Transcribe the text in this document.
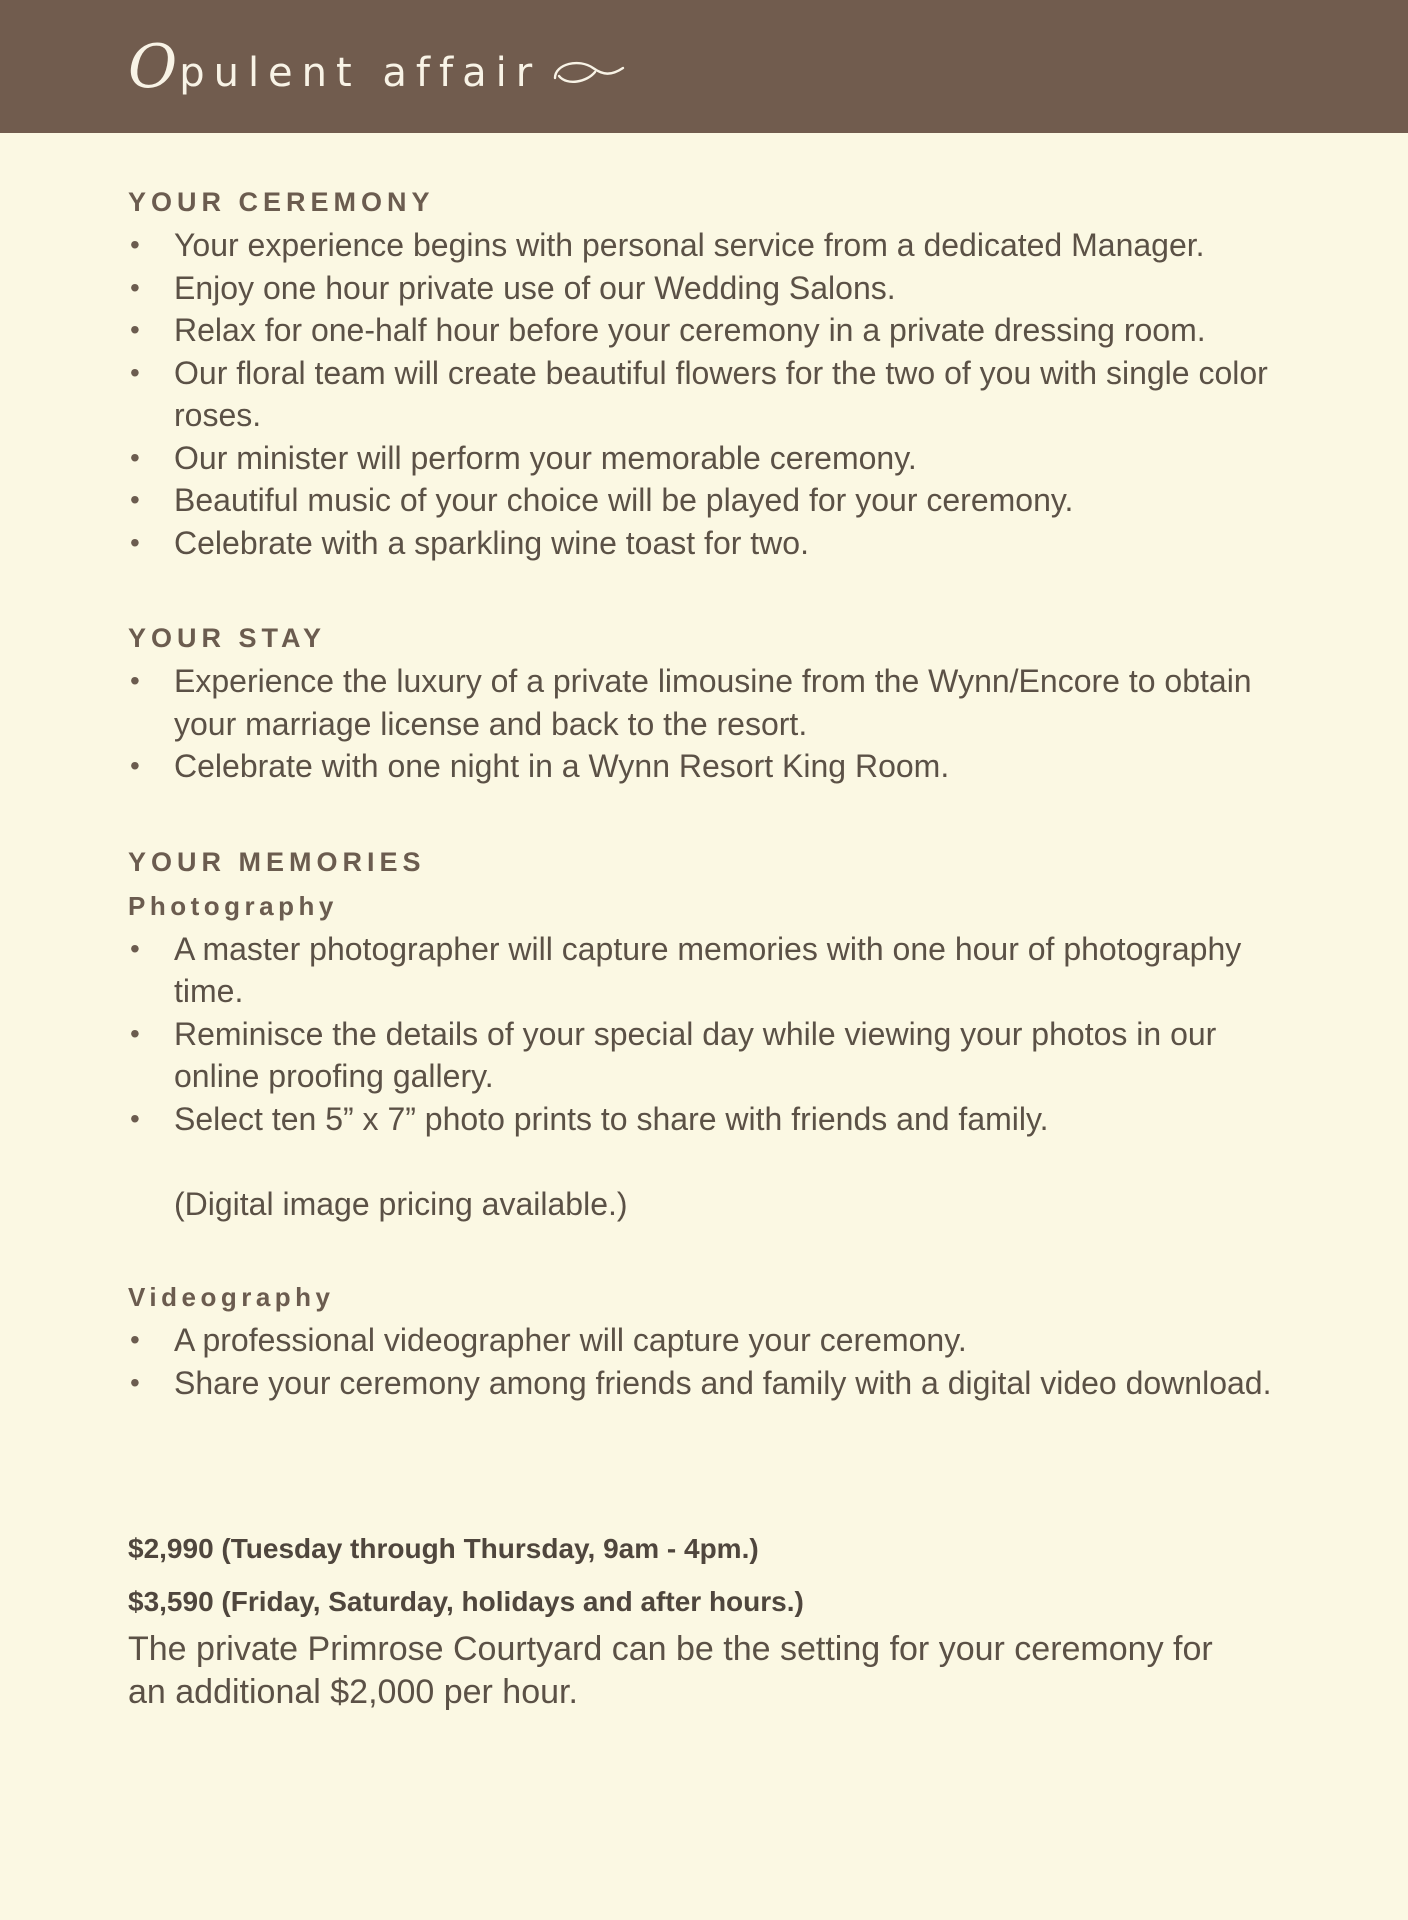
O pulent affair
YOUR CEREMONY
• Your experience begins with personal service from a dedicated Manager.
• Enjoy one hour private use of our Wedding Salons.
• Relax for one-half hour before your ceremony in a private dressing room.
• Our floral team will create beautiful flowers for the two of you with single color roses.
• Our minister will perform your memorable ceremony.
• Beautiful music of your choice will be played for your ceremony.
• Celebrate with a sparkling wine toast for two.
YOUR STAY
• Experience the luxury of a private limousine from the Wynn/Encore to obtain your marriage license and back to the resort.
• Celebrate with one night in a Wynn Resort King Room.
YOUR MEMORIES
Photography
• A master photographer will capture memories with one hour of photography time.
• Reminisce the details of your special day while viewing your photos in our online proofing gallery.
• Select ten 5” x 7” photo prints to share with friends and family.
(Digital image pricing available.)
Videography
• A professional videographer will capture your ceremony.
• Share your ceremony among friends and family with a digital video download.
$2,990 (Tuesday through Thursday, 9am - 4pm.)
$3,590 (Friday, Saturday, holidays and after hours.)
The private Primrose Courtyard can be the setting for your ceremony for an additional $2,000 per hour.
